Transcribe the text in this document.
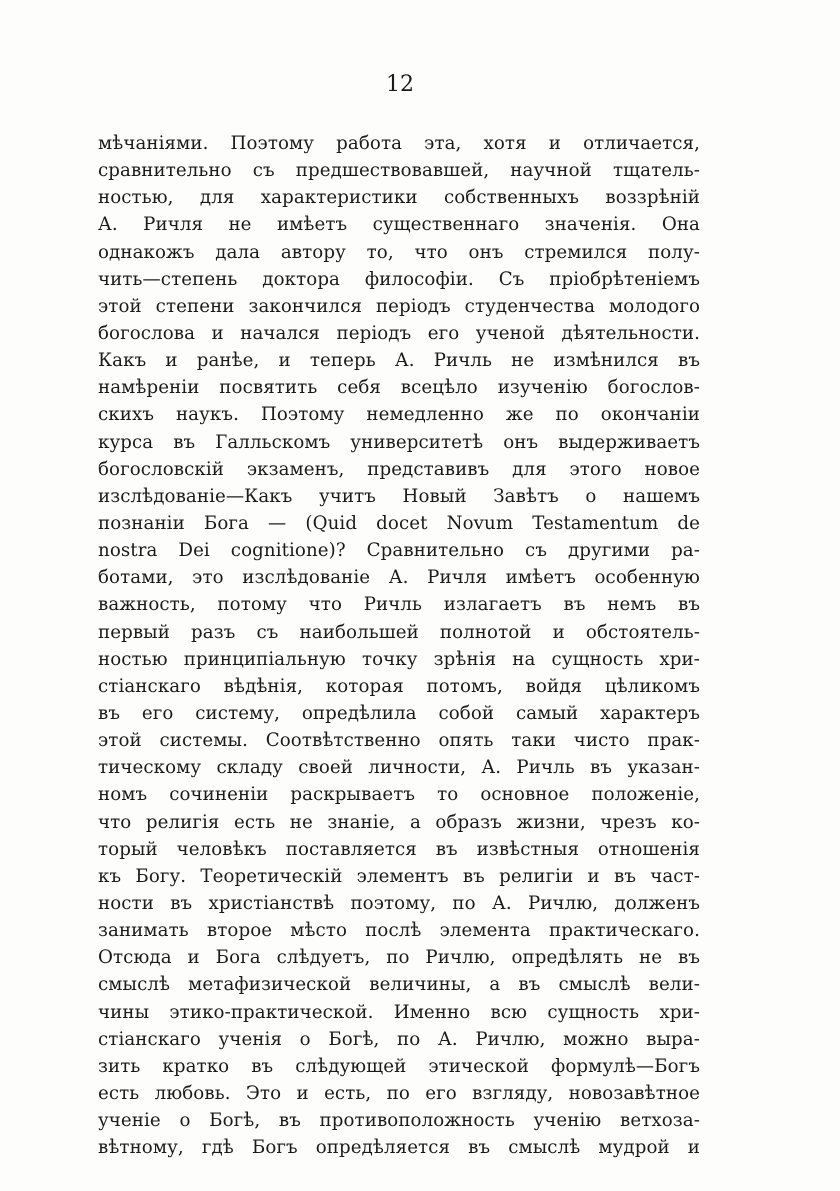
12
мѣчаніями. Поэтому работа эта, хотя и отличается,
сравнительно съ предшествовавшей, научной тщатель-
ностью, для характеристики собственныхъ воззрѣній
А. Ричля не имѣетъ существеннаго значенія. Она
однакожъ дала автору то, что онъ стремился полу-
чить—степень доктора философіи. Съ пріобрѣтеніемъ
этой степени закончился періодъ студенчества молодого
богослова и начался періодъ его ученой дѣятельности.
Какъ и ранѣе, и теперь А. Ричль не измѣнился въ
намѣреніи посвятить себя всецѣло изученію богослов-
скихъ наукъ. Поэтому немедленно же по окончаніи
курса въ Галльскомъ университетѣ онъ выдерживаетъ
богословскій экзаменъ, представивъ для этого новое
изслѣдованіе—Какъ учитъ Новый Завѣтъ о нашемъ
познаніи Бога — (Quid docet Novum Testamentum de
nostra Dei cognitione)? Сравнительно съ другими ра-
ботами, это изслѣдованіе А. Ричля имѣетъ особенную
важность, потому что Ричль излагаетъ въ немъ въ
первый разъ съ наибольшей полнотой и обстоятель-
ностью принципіальную точку зрѣнія на сущность хри-
стіанскаго вѣдѣнія, которая потомъ, войдя цѣликомъ
въ его систему, опредѣлила собой самый характеръ
этой системы. Соотвѣтственно опять таки чисто прак-
тическому складу своей личности, А. Ричль въ указан-
номъ сочиненіи раскрываетъ то основное положеніе,
что религія есть не знаніе, а образъ жизни, чрезъ ко-
торый человѣкъ поставляется въ извѣстныя отношенія
къ Богу. Теоретическій элементъ въ религіи и въ част-
ности въ христіанствѣ поэтому, по А. Ричлю, долженъ
занимать второе мѣсто послѣ элемента практическаго.
Отсюда и Бога слѣдуетъ, по Ричлю, опредѣлять не въ
смыслѣ метафизической величины, а въ смыслѣ вели-
чины этико-практической. Именно всю сущность хри-
стіанскаго ученія о Богѣ, по А. Ричлю, можно выра-
зить кратко въ слѣдующей этической формулѣ—Богъ
есть любовь. Это и есть, по его взгляду, новозавѣтное
ученіе о Богѣ, въ противоположность ученію ветхоза-
вѣтному, гдѣ Богъ опредѣляется въ смыслѣ мудрой и
